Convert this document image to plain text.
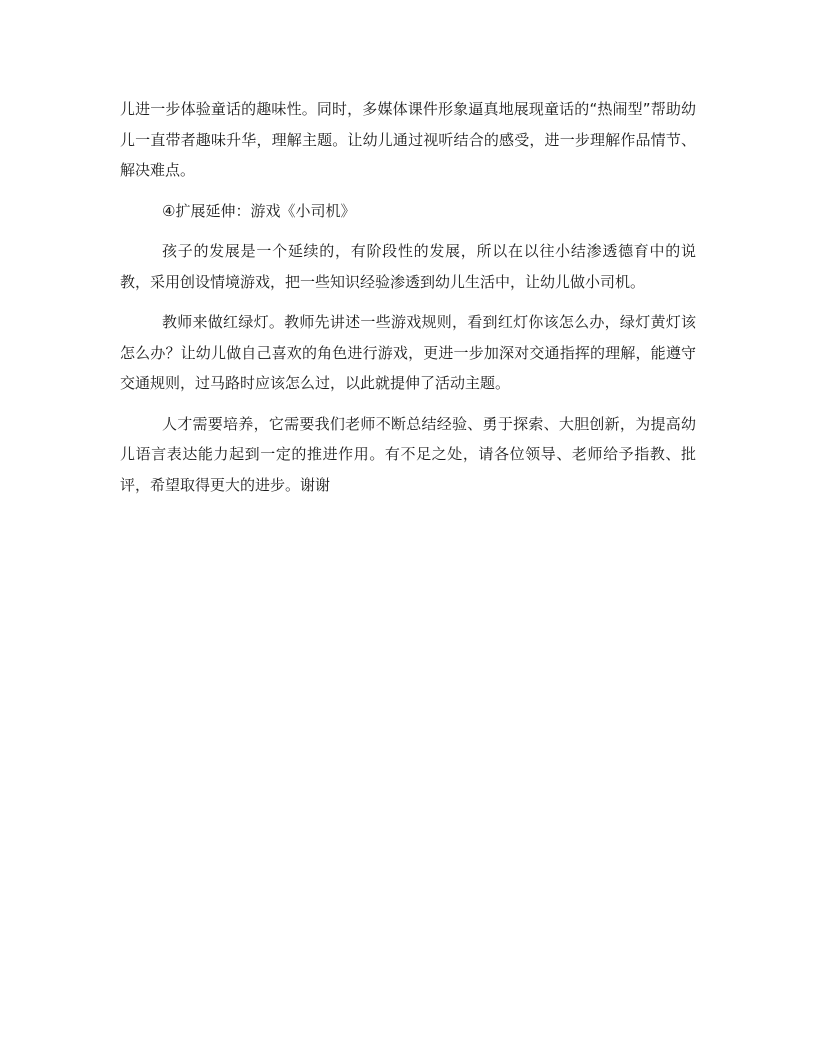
儿进一步体验童话的趣味性。同时，多媒体课件形象逼真地展现童话的“热闹型”帮助幼儿一直带者趣味升华，理解主题。让幼儿通过视听结合的感受，进一步理解作品情节、解决难点。

④扩展延伸：游戏《小司机》

孩子的发展是一个延续的，有阶段性的发展，所以在以往小结渗透德育中的说教，采用创设情境游戏，把一些知识经验渗透到幼儿生活中，让幼儿做小司机。

教师来做红绿灯。教师先讲述一些游戏规则，看到红灯你该怎么办，绿灯黄灯该怎么办？让幼儿做自己喜欢的角色进行游戏，更进一步加深对交通指挥的理解，能遵守交通规则，过马路时应该怎么过，以此就提伸了活动主题。

人才需要培养，它需要我们老师不断总结经验、勇于探索、大胆创新，为提高幼儿语言表达能力起到一定的推进作用。有不足之处，请各位领导、老师给予指教、批评，希望取得更大的进步。谢谢
